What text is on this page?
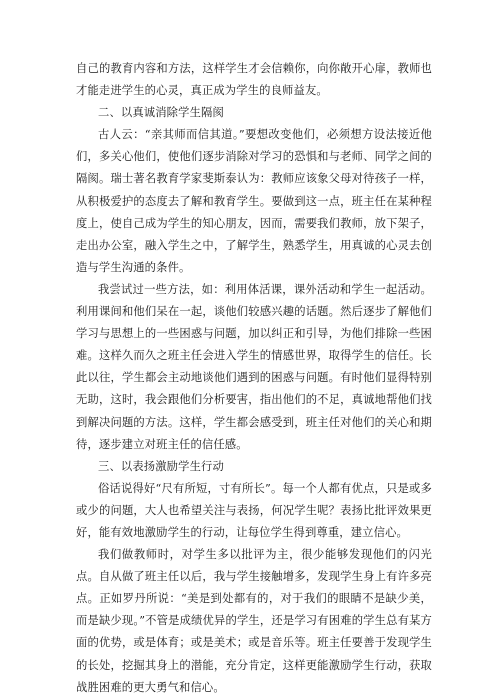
自己的教育内容和方法，这样学生才会信赖你，向你敞开心扉，教师也才能走进学生的心灵，真正成为学生的良师益友。

二、以真诚消除学生隔阂

古人云：“亲其师而信其道。”要想改变他们，必须想方设法接近他们，多关心他们，使他们逐步消除对学习的恐惧和与老师、同学之间的隔阂。瑞士著名教育学家斐斯泰认为：教师应该象父母对待孩子一样，从积极爱护的态度去了解和教育学生。要做到这一点，班主任在某种程度上，使自己成为学生的知心朋友，因而，需要我们教师，放下架子，走出办公室，融入学生之中，了解学生，熟悉学生，用真诚的心灵去创造与学生沟通的条件。

我尝试过一些方法，如：利用体活课，课外活动和学生一起活动。利用课间和他们呆在一起，谈他们较感兴趣的话题。然后逐步了解他们学习与思想上的一些困惑与问题，加以纠正和引导，为他们排除一些困难。这样久而久之班主任会进入学生的情感世界，取得学生的信任。长此以往，学生都会主动地谈他们遇到的困惑与问题。有时他们显得特别无助，这时，我会跟他们分析要害，指出他们的不足，真诚地帮他们找到解决问题的方法。这样，学生都会感受到，班主任对他们的关心和期待，逐步建立对班主任的信任感。

三、以表扬激励学生行动

俗话说得好“尺有所短，寸有所长”。每一个人都有优点，只是或多或少的问题，大人也希望关注与表扬，何况学生呢？表扬比批评效果更好，能有效地激励学生的行动，让每位学生得到尊重，建立信心。

我们做教师时，对学生多以批评为主，很少能够发现他们的闪光点。自从做了班主任以后，我与学生接触增多，发现学生身上有许多亮点。正如罗丹所说：“美是到处都有的，对于我们的眼睛不是缺少美，而是缺少现。”不管是成绩优异的学生，还是学习有困难的学生总有某方面的优势，或是体育；或是美术；或是音乐等。班主任要善于发现学生的长处，挖掘其身上的潜能，充分肯定，这样更能激励学生行动，获取战胜困难的更大勇气和信心。
